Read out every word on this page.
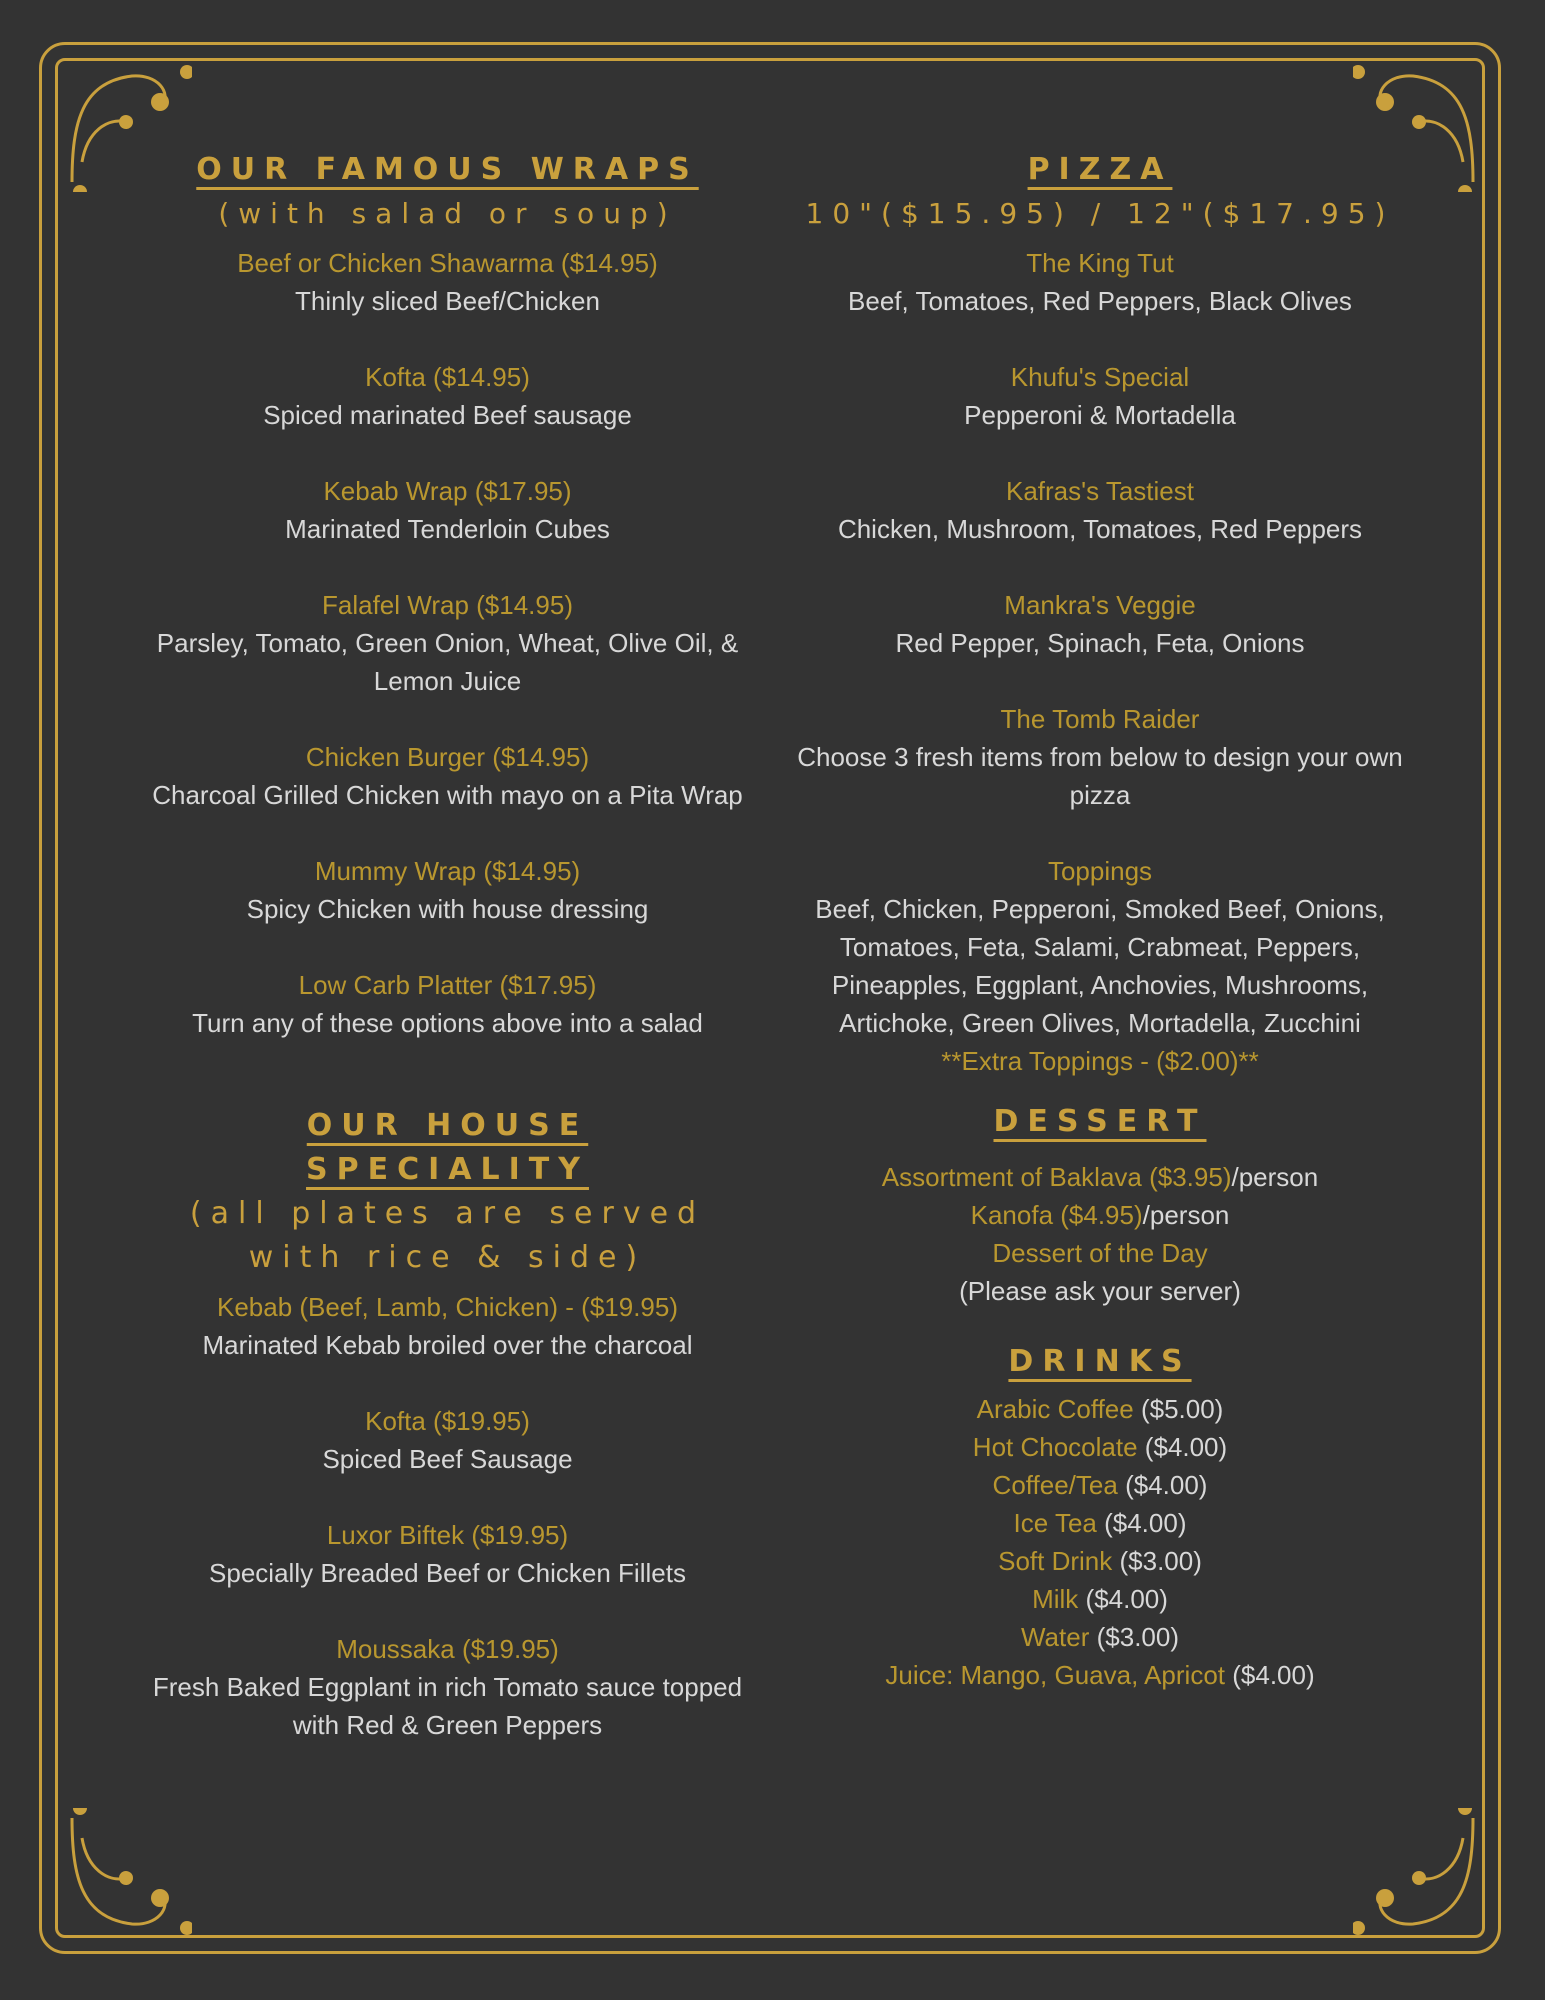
OUR FAMOUS WRAPS
(with salad or soup)
Beef or Chicken Shawarma ($14.95)
Thinly sliced Beef/Chicken
Kofta ($14.95)
Spiced marinated Beef sausage
Kebab Wrap ($17.95)
Marinated Tenderloin Cubes
Falafel Wrap ($14.95)
Parsley, Tomato, Green Onion, Wheat, Olive Oil, & Lemon Juice
Chicken Burger ($14.95)
Charcoal Grilled Chicken with mayo on a Pita Wrap
Mummy Wrap ($14.95)
Spicy Chicken with house dressing
Low Carb Platter ($17.95)
Turn any of these options above into a salad
OUR HOUSE SPECIALITY
(all plates are served with rice & side)
Kebab (Beef, Lamb, Chicken) - ($19.95)
Marinated Kebab broiled over the charcoal
Kofta ($19.95)
Spiced Beef Sausage
Luxor Biftek ($19.95)
Specially Breaded Beef or Chicken Fillets
Moussaka ($19.95)
Fresh Baked Eggplant in rich Tomato sauce topped with Red & Green Peppers
PIZZA
10"($15.95) / 12"($17.95)
The King Tut
Beef, Tomatoes, Red Peppers, Black Olives
Khufu's Special
Pepperoni & Mortadella
Kafras's Tastiest
Chicken, Mushroom, Tomatoes, Red Peppers
Mankra's Veggie
Red Pepper, Spinach, Feta, Onions
The Tomb Raider
Choose 3 fresh items from below to design your own pizza
Toppings
Beef, Chicken, Pepperoni, Smoked Beef, Onions, Tomatoes, Feta, Salami, Crabmeat, Peppers, Pineapples, Eggplant, Anchovies, Mushrooms, Artichoke, Green Olives, Mortadella, Zucchini
**Extra Toppings - ($2.00)**
DESSERT
Assortment of Baklava ($3.95)/person
Kanofa ($4.95)/person
Dessert of the Day
(Please ask your server)
DRINKS
Arabic Coffee ($5.00)
Hot Chocolate ($4.00)
Coffee/Tea ($4.00)
Ice Tea ($4.00)
Soft Drink ($3.00)
Milk ($4.00)
Water ($3.00)
Juice: Mango, Guava, Apricot ($4.00)
